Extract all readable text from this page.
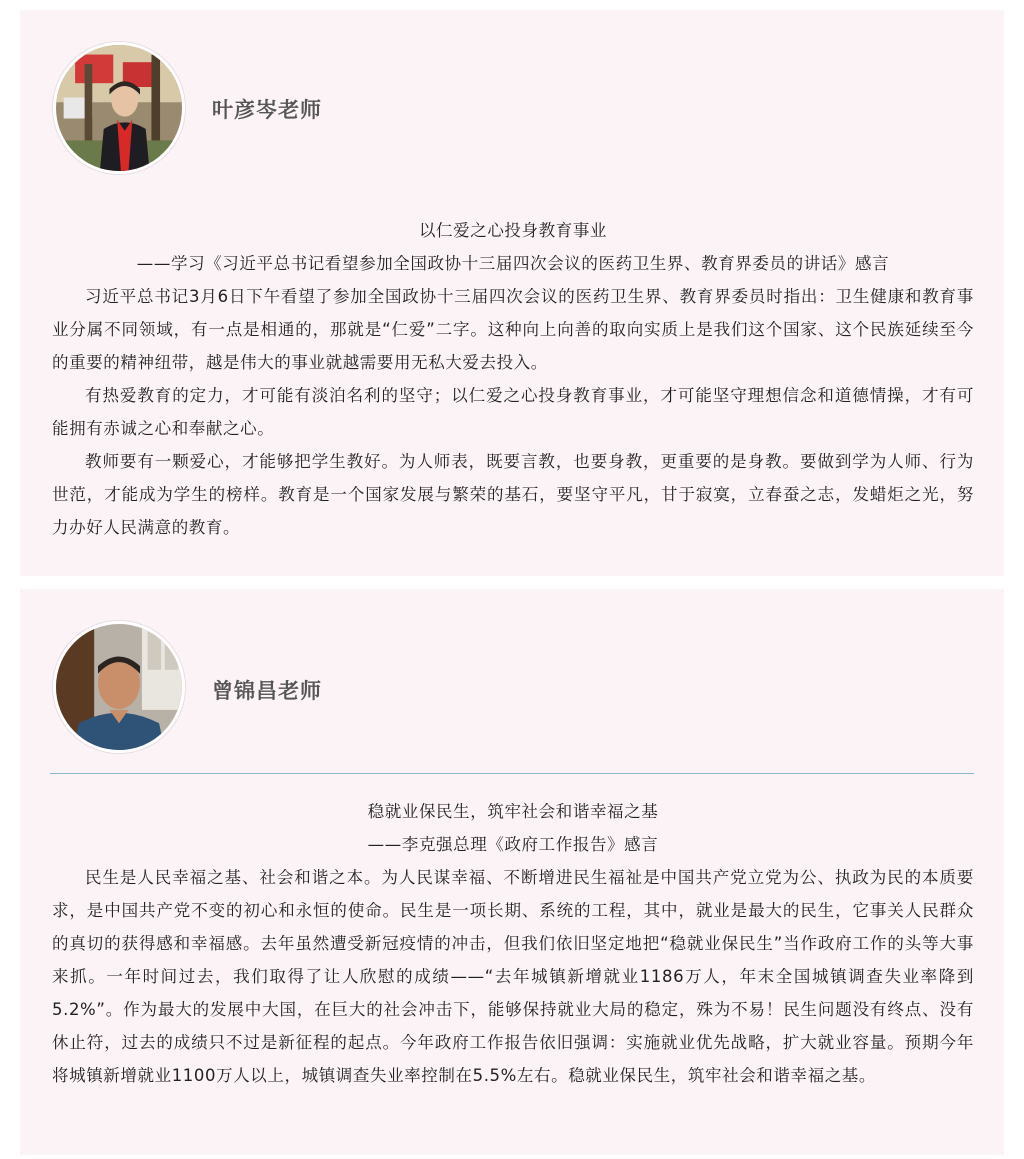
叶彦岑老师

以仁爱之心投身教育事业

——学习《习近平总书记看望参加全国政协十三届四次会议的医药卫生界、教育界委员的讲话》感言

习近平总书记3月6日下午看望了参加全国政协十三届四次会议的医药卫生界、教育界委员时指出：卫生健康和教育事业分属不同领域，有一点是相通的，那就是“仁爱”二字。这种向上向善的取向实质上是我们这个国家、这个民族延续至今的重要的精神纽带，越是伟大的事业就越需要用无私大爱去投入。

有热爱教育的定力，才可能有淡泊名利的坚守；以仁爱之心投身教育事业，才可能坚守理想信念和道德情操，才有可能拥有赤诚之心和奉献之心。

教师要有一颗爱心，才能够把学生教好。为人师表，既要言教，也要身教，更重要的是身教。要做到学为人师、行为世范，才能成为学生的榜样。教育是一个国家发展与繁荣的基石，要坚守平凡，甘于寂寞，立春蚕之志，发蜡炬之光，努力办好人民满意的教育。

曾锦昌老师

稳就业保民生，筑牢社会和谐幸福之基

——李克强总理《政府工作报告》感言

民生是人民幸福之基、社会和谐之本。为人民谋幸福、不断增进民生福祉是中国共产党立党为公、执政为民的本质要求，是中国共产党不变的初心和永恒的使命。民生是一项长期、系统的工程，其中，就业是最大的民生，它事关人民群众的真切的获得感和幸福感。去年虽然遭受新冠疫情的冲击，但我们依旧坚定地把“稳就业保民生”当作政府工作的头等大事来抓。一年时间过去，我们取得了让人欣慰的成绩——“去年城镇新增就业1186万人，年末全国城镇调查失业率降到5.2%”。作为最大的发展中大国，在巨大的社会冲击下，能够保持就业大局的稳定，殊为不易！民生问题没有终点、没有休止符，过去的成绩只不过是新征程的起点。今年政府工作报告依旧强调：实施就业优先战略，扩大就业容量。预期今年将城镇新增就业1100万人以上，城镇调查失业率控制在5.5%左右。稳就业保民生，筑牢社会和谐幸福之基。
